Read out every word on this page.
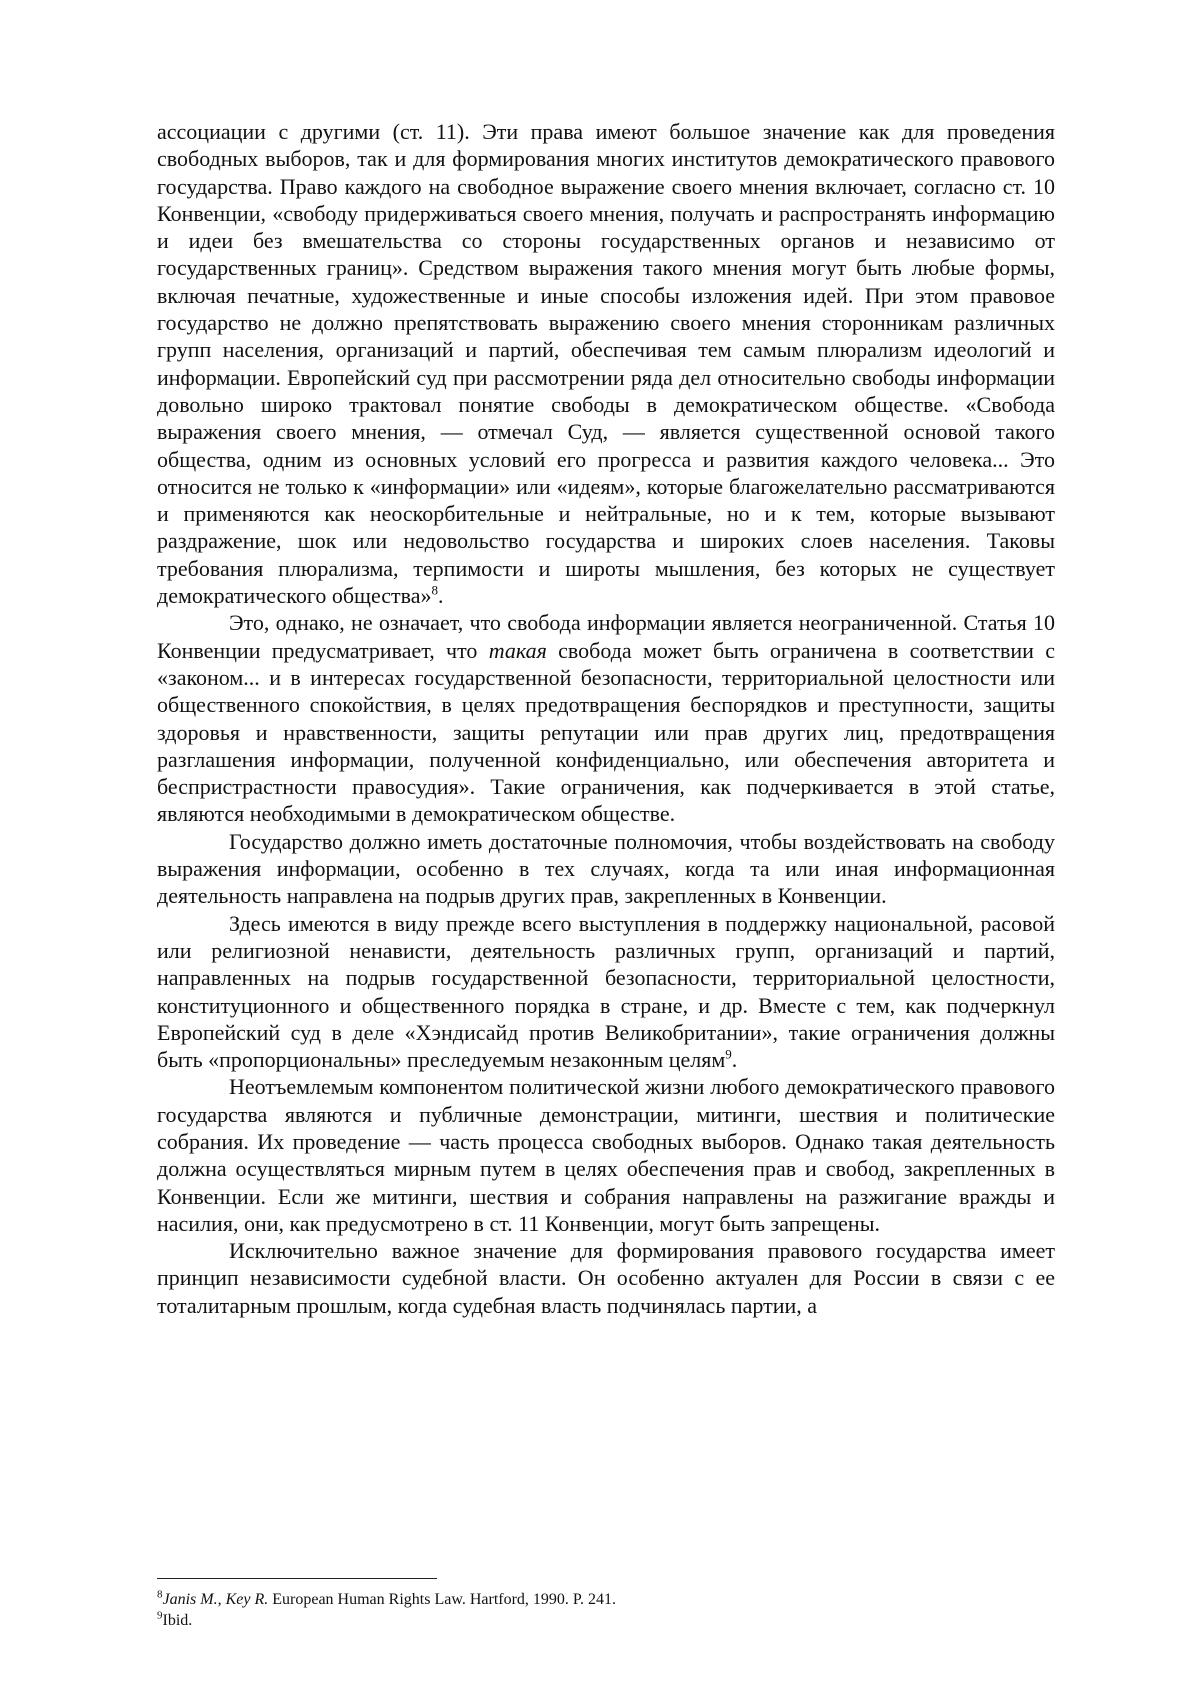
ассоциации с другими (ст. 11). Эти права имеют большое значение как для проведения свободных выборов, так и для формирования многих институтов демократического правового государства. Право каждого на свободное выражение своего мнения включает, согласно ст. 10 Конвенции, «свободу придерживаться своего мнения, получать и распространять информацию и идеи без вмешательства со стороны государственных органов и независимо от государственных границ». Средством выражения такого мнения могут быть любые формы, включая печатные, художественные и иные способы изложения идей. При этом правовое государство не должно препятствовать выражению своего мнения сторонникам различных групп населения, организаций и партий, обеспечивая тем самым плюрализм идеологий и информации. Европейский суд при рассмотрении ряда дел относительно свободы информации довольно широко трактовал понятие свободы в демократическом обществе. «Свобода выражения своего мнения, — отмечал Суд, — является существенной основой такого общества, одним из основных условий его прогресса и развития каждого человека... Это относится не только к «информации» или «идеям», которые благожелательно рассматриваются и применяются как неоскорбительные и нейтральные, но и к тем, которые вызывают раздражение, шок или недовольство государства и широких слоев населения. Таковы требования плюрализма, терпимости и широты мышления, без которых не существует демократического общества»$^8$.

Это, однако, не означает, что свобода информации является неограниченной. Статья 10 Конвенции предусматривает, что такая свобода может быть ограничена в соответствии с «законом... и в интересах государственной безопасности, территориальной целостности или общественного спокойствия, в целях предотвращения беспорядков и преступности, защиты здоровья и нравственности, защиты репутации или прав других лиц, предотвращения разглашения информации, полученной конфиденциально, или обеспечения авторитета и беспристрастности правосудия». Такие ограничения, как подчеркивается в этой статье, являются необходимыми в демократическом обществе.

Государство должно иметь достаточные полномочия, чтобы воздействовать на свободу выражения информации, особенно в тех случаях, когда та или иная информационная деятельность направлена на подрыв других прав, закрепленных в Конвенции.

Здесь имеются в виду прежде всего выступления в поддержку национальной, расовой или религиозной ненависти, деятельность различных групп, организаций и партий, направленных на подрыв государственной безопасности, территориальной целостности, конституционного и общественного порядка в стране, и др. Вместе с тем, как подчеркнул Европейский суд в деле «Хэндисайд против Великобритании», такие ограничения должны быть «пропорциональны» преследуемым незаконным целям$^9$.

Неотъемлемым компонентом политической жизни любого демократического правового государства являются и публичные демонстрации, митинги, шествия и политические собрания. Их проведение — часть процесса свободных выборов. Однако такая деятельность должна осуществляться мирным путем в целях обеспечения прав и свобод, закрепленных в Конвенции. Если же митинги, шествия и собрания направлены на разжигание вражды и насилия, они, как предусмотрено в ст. 11 Конвенции, могут быть запрещены.

Исключительно важное значение для формирования правового государства имеет принцип независимости судебной власти. Он особенно актуален для России в связи с ее тоталитарным прошлым, когда судебная власть подчинялась партии, а

$^8$Janis M., Key R. European Human Rights Law. Hartford, 1990. P. 241.

$^9$Ibid.
